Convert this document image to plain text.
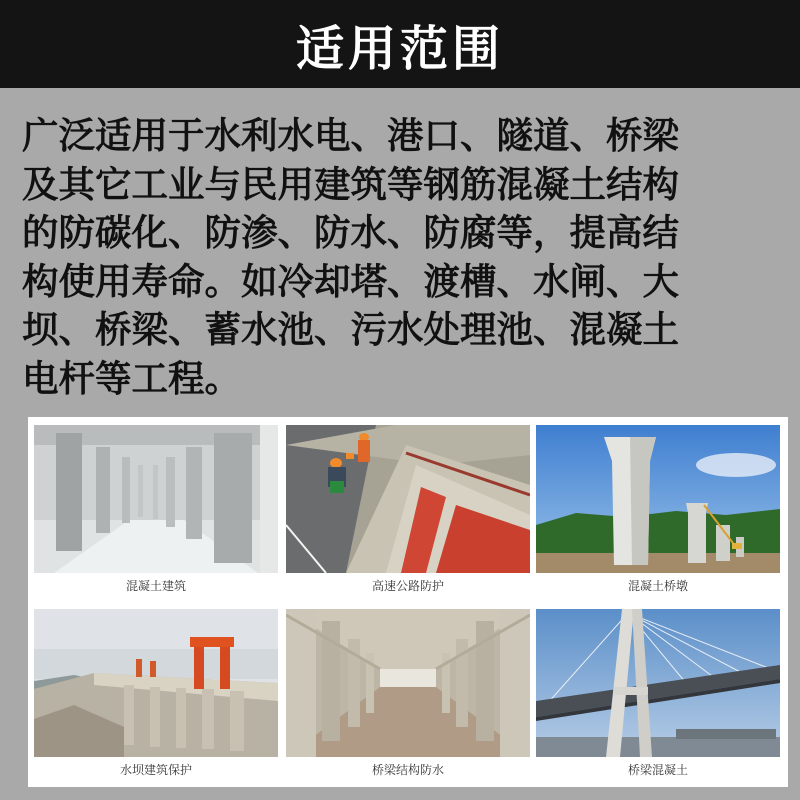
适用范围
广泛适用于水利水电、港口、隧道、桥梁
及其它工业与民用建筑等钢筋混凝土结构
的防碳化、防渗、防水、防腐等，提高结
构使用寿命。如冷却塔、渡槽、水闸、大
坝、桥梁、蓄水池、污水处理池、混凝土
电杆等工程。
混凝土建筑	高速公路防护	混凝土桥墩
水坝建筑保护	桥梁结构防水	桥梁混凝土
